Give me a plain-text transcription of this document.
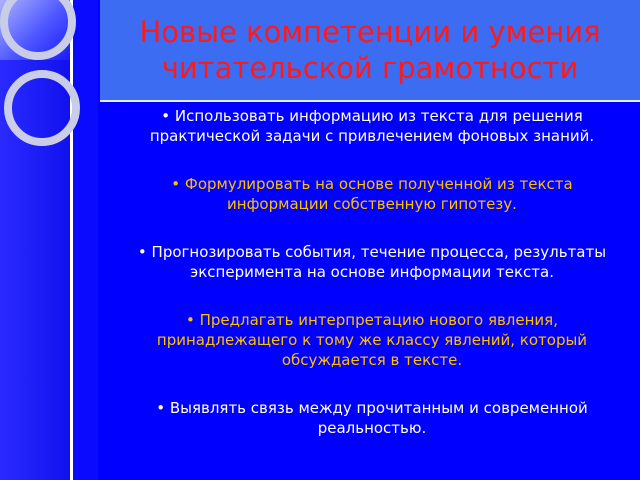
Новые компетенции и умения
читательской грамотности
• Использовать информацию из текста для решения
практической задачи с привлечением фоновых знаний.
• Формулировать на основе полученной из текста
информации собственную гипотезу.
• Прогнозировать события, течение процесса, результаты
эксперимента на основе информации текста.
• Предлагать интерпретацию нового явления,
принадлежащего к тому же классу явлений, который
обсуждается в тексте.
• Выявлять связь между прочитанным и современной
реальностью.
